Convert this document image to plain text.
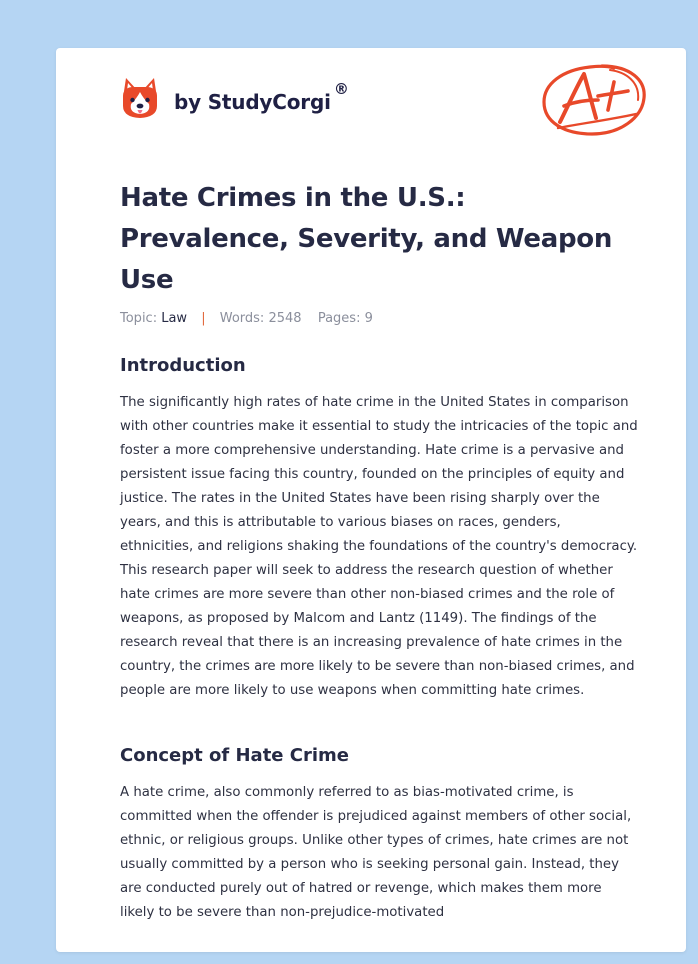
by StudyCorgi
®
Hate Crimes in the U.S.: Prevalence, Severity, and Weapon Use
Topic: Law | Words: 2548 Pages: 9
Introduction

The significantly high rates of hate crime in the United States in comparison with other countries make it essential to study the intricacies of the topic and foster a more comprehensive understanding. Hate crime is a pervasive and persistent issue facing this country, founded on the principles of equity and justice. The rates in the United States have been rising sharply over the years, and this is attributable to various biases on races, genders, ethnicities, and religions shaking the foundations of the country's democracy. This research paper will seek to address the research question of whether hate crimes are more severe than other non-biased crimes and the role of weapons, as proposed by Malcom and Lantz (1149). The findings of the research reveal that there is an increasing prevalence of hate crimes in the country, the crimes are more likely to be severe than non-biased crimes, and people are more likely to use weapons when committing hate crimes.

Concept of Hate Crime

A hate crime, also commonly referred to as bias-motivated crime, is committed when the offender is prejudiced against members of other social, ethnic, or religious groups. Unlike other types of crimes, hate crimes are not usually committed by a person who is seeking personal gain. Instead, they are conducted purely out of hatred or revenge, which makes them more likely to be severe than non-prejudice-motivated
